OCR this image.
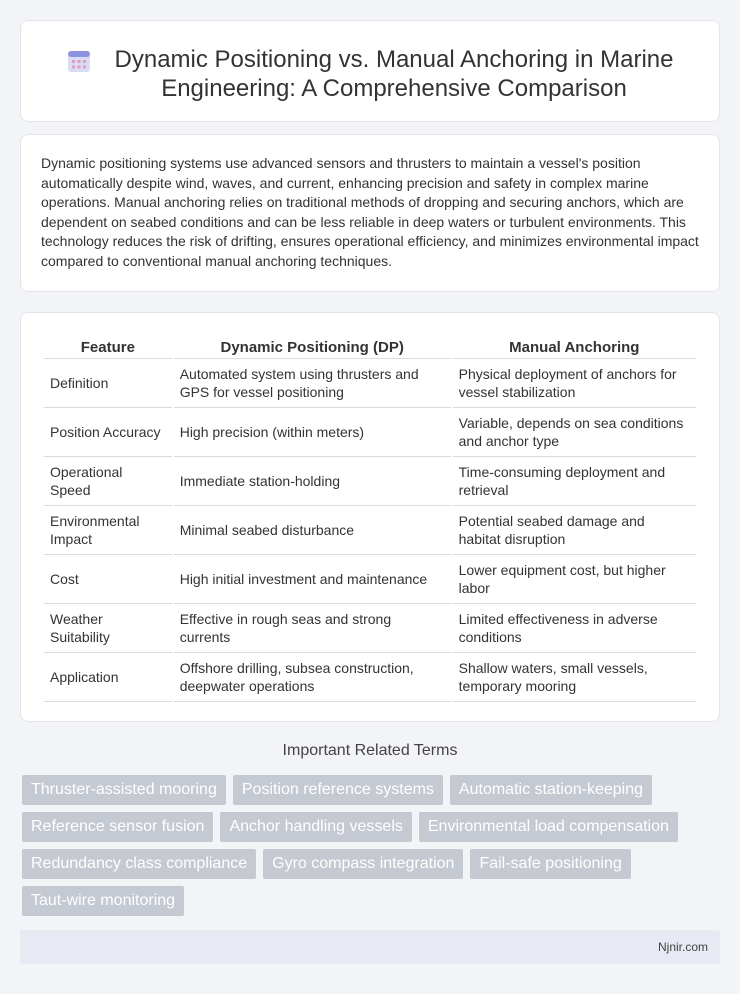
Dynamic Positioning vs. Manual Anchoring in Marine Engineering: A Comprehensive Comparison

Dynamic positioning systems use advanced sensors and thrusters to maintain a vessel's position automatically despite wind, waves, and current, enhancing precision and safety in complex marine operations. Manual anchoring relies on traditional methods of dropping and securing anchors, which are dependent on seabed conditions and can be less reliable in deep waters or turbulent environments. This technology reduces the risk of drifting, ensures operational efficiency, and minimizes environmental impact compared to conventional manual anchoring techniques.

Feature	Dynamic Positioning (DP)	Manual Anchoring
Definition	Automated system using thrusters and GPS for vessel positioning	Physical deployment of anchors for vessel stabilization
Position Accuracy	High precision (within meters)	Variable, depends on sea conditions and anchor type
Operational Speed	Immediate station-holding	Time-consuming deployment and retrieval
Environmental Impact	Minimal seabed disturbance	Potential seabed damage and habitat disruption
Cost	High initial investment and maintenance	Lower equipment cost, but higher labor
Weather Suitability	Effective in rough seas and strong currents	Limited effectiveness in adverse conditions
Application	Offshore drilling, subsea construction, deepwater operations	Shallow waters, small vessels, temporary mooring
Important Related Terms
Thruster-assisted mooring	Position reference systems	Automatic station-keeping
Reference sensor fusion	Anchor handling vessels	Environmental load compensation
Redundancy class compliance	Gyro compass integration	Fail-safe positioning
Taut-wire monitoring
Njnir.com
